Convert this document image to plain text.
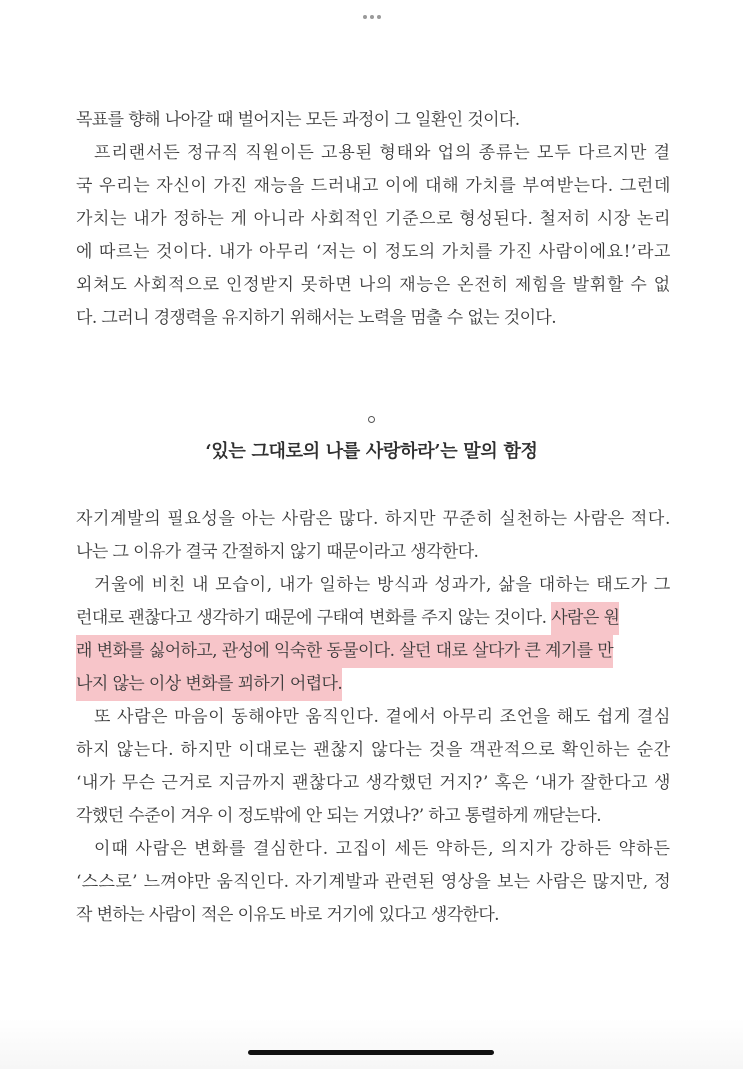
목표를 향해 나아갈 때 벌어지는 모든 과정이 그 일환인 것이다.
프리랜서든 정규직 직원이든 고용된 형태와 업의 종류는 모두 다르지만 결
국 우리는 자신이 가진 재능을 드러내고 이에 대해 가치를 부여받는다. 그런데
가치는 내가 정하는 게 아니라 사회적인 기준으로 형성된다. 철저히 시장 논리
에 따르는 것이다. 내가 아무리 ‘저는 이 정도의 가치를 가진 사람이에요!’라고
외쳐도 사회적으로 인정받지 못하면 나의 재능은 온전히 제힘을 발휘할 수 없
다. 그러니 경쟁력을 유지하기 위해서는 노력을 멈출 수 없는 것이다.
‘있는 그대로의 나를 사랑하라’는 말의 함정
자기계발의 필요성을 아는 사람은 많다. 하지만 꾸준히 실천하는 사람은 적다.
나는 그 이유가 결국 간절하지 않기 때문이라고 생각한다.
거울에 비친 내 모습이, 내가 일하는 방식과 성과가, 삶을 대하는 태도가 그
런대로 괜찮다고 생각하기 때문에 구태여 변화를 주지 않는 것이다. 사람은 원
래 변화를 싫어하고, 관성에 익숙한 동물이다. 살던 대로 살다가 큰 계기를 만
나지 않는 이상 변화를 꾀하기 어렵다.
또 사람은 마음이 동해야만 움직인다. 곁에서 아무리 조언을 해도 쉽게 결심
하지 않는다. 하지만 이대로는 괜찮지 않다는 것을 객관적으로 확인하는 순간
‘내가 무슨 근거로 지금까지 괜찮다고 생각했던 거지?’ 혹은 ‘내가 잘한다고 생
각했던 수준이 겨우 이 정도밖에 안 되는 거였나?’ 하고 통렬하게 깨닫는다.
이때 사람은 변화를 결심한다. 고집이 세든 약하든, 의지가 강하든 약하든
‘스스로’ 느껴야만 움직인다. 자기계발과 관련된 영상을 보는 사람은 많지만, 정
작 변하는 사람이 적은 이유도 바로 거기에 있다고 생각한다.
